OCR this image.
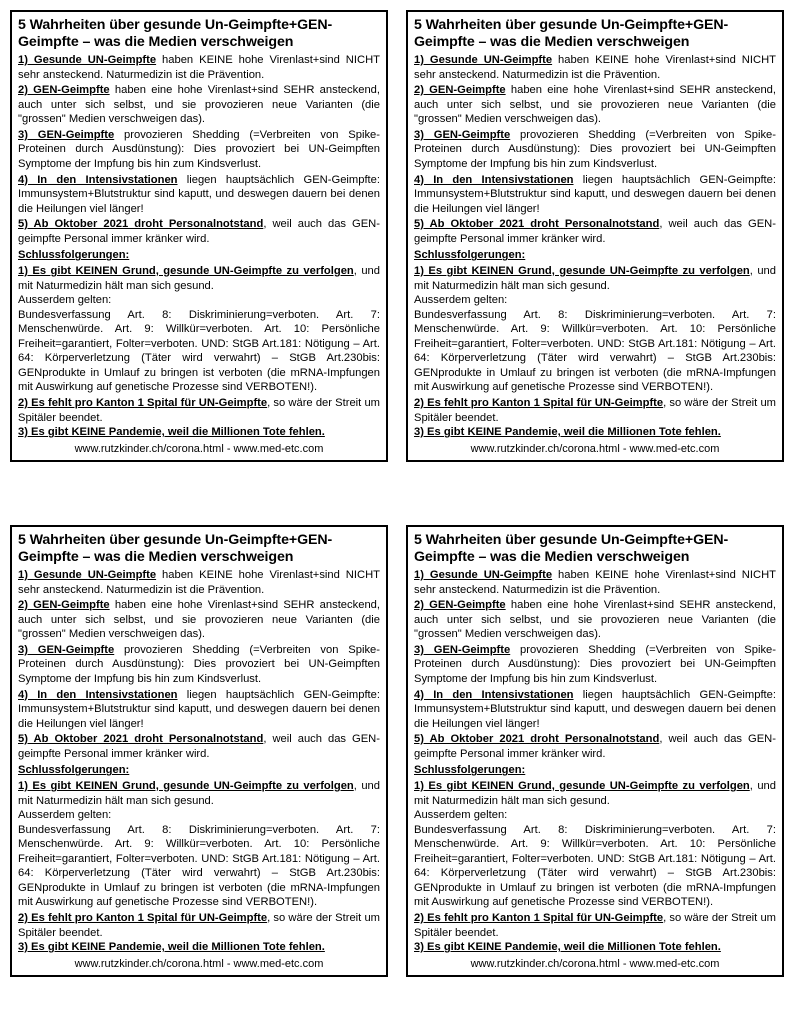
5 Wahrheiten über gesunde Un-Geimpfte+GEN-Geimpfte – was die Medien verschweigen

1) Gesunde UN-Geimpfte haben KEINE hohe Virenlast+sind NICHT sehr ansteckend. Naturmedizin ist die Prävention.

2) GEN-Geimpfte haben eine hohe Virenlast+sind SEHR ansteckend, auch unter sich selbst, und sie provozieren neue Varianten (die "grossen" Medien verschweigen das).

3) GEN-Geimpfte provozieren Shedding (=Verbreiten von Spike-Proteinen durch Ausdünstung): Dies provoziert bei UN-Geimpften Symptome der Impfung bis hin zum Kindsverlust.

4) In den Intensivstationen liegen hauptsächlich GEN-Geimpfte: Immunsystem+Blutstruktur sind kaputt, und deswegen dauern bei denen die Heilungen viel länger!

5) Ab Oktober 2021 droht Personalnotstand, weil auch das GEN-geimpfte Personal immer kränker wird.

Schlussfolgerungen:

1) Es gibt KEINEN Grund, gesunde UN-Geimpfte zu verfolgen, und mit Naturmedizin hält man sich gesund.

Ausserdem gelten:

Bundesverfassung Art. 8: Diskriminierung=verboten. Art. 7: Menschenwürde. Art. 9: Willkür=verboten. Art. 10: Persönliche Freiheit=garantiert, Folter=verboten. UND: StGB Art.181: Nötigung – Art. 64: Körperverletzung (Täter wird verwahrt) – StGB Art.230bis: GENprodukte in Umlauf zu bringen ist verboten (die mRNA-Impfungen mit Auswirkung auf genetische Prozesse sind VERBOTEN!).

2) Es fehlt pro Kanton 1 Spital für UN-Geimpfte, so wäre der Streit um Spitäler beendet.

3) Es gibt KEINE Pandemie, weil die Millionen Tote fehlen.

www.rutzkinder.ch/corona.html - www.med-etc.com

5 Wahrheiten über gesunde Un-Geimpfte+GEN-Geimpfte – was die Medien verschweigen

1) Gesunde UN-Geimpfte haben KEINE hohe Virenlast+sind NICHT sehr ansteckend. Naturmedizin ist die Prävention.

2) GEN-Geimpfte haben eine hohe Virenlast+sind SEHR ansteckend, auch unter sich selbst, und sie provozieren neue Varianten (die "grossen" Medien verschweigen das).

3) GEN-Geimpfte provozieren Shedding (=Verbreiten von Spike-Proteinen durch Ausdünstung): Dies provoziert bei UN-Geimpften Symptome der Impfung bis hin zum Kindsverlust.

4) In den Intensivstationen liegen hauptsächlich GEN-Geimpfte: Immunsystem+Blutstruktur sind kaputt, und deswegen dauern bei denen die Heilungen viel länger!

5) Ab Oktober 2021 droht Personalnotstand, weil auch das GEN-geimpfte Personal immer kränker wird.

Schlussfolgerungen:

1) Es gibt KEINEN Grund, gesunde UN-Geimpfte zu verfolgen, und mit Naturmedizin hält man sich gesund.

Ausserdem gelten:

Bundesverfassung Art. 8: Diskriminierung=verboten. Art. 7: Menschenwürde. Art. 9: Willkür=verboten. Art. 10: Persönliche Freiheit=garantiert, Folter=verboten. UND: StGB Art.181: Nötigung – Art. 64: Körperverletzung (Täter wird verwahrt) – StGB Art.230bis: GENprodukte in Umlauf zu bringen ist verboten (die mRNA-Impfungen mit Auswirkung auf genetische Prozesse sind VERBOTEN!).

2) Es fehlt pro Kanton 1 Spital für UN-Geimpfte, so wäre der Streit um Spitäler beendet.

3) Es gibt KEINE Pandemie, weil die Millionen Tote fehlen.

www.rutzkinder.ch/corona.html - www.med-etc.com

5 Wahrheiten über gesunde Un-Geimpfte+GEN-Geimpfte – was die Medien verschweigen

1) Gesunde UN-Geimpfte haben KEINE hohe Virenlast+sind NICHT sehr ansteckend. Naturmedizin ist die Prävention.

2) GEN-Geimpfte haben eine hohe Virenlast+sind SEHR ansteckend, auch unter sich selbst, und sie provozieren neue Varianten (die "grossen" Medien verschweigen das).

3) GEN-Geimpfte provozieren Shedding (=Verbreiten von Spike-Proteinen durch Ausdünstung): Dies provoziert bei UN-Geimpften Symptome der Impfung bis hin zum Kindsverlust.

4) In den Intensivstationen liegen hauptsächlich GEN-Geimpfte: Immunsystem+Blutstruktur sind kaputt, und deswegen dauern bei denen die Heilungen viel länger!

5) Ab Oktober 2021 droht Personalnotstand, weil auch das GEN-geimpfte Personal immer kränker wird.

Schlussfolgerungen:

1) Es gibt KEINEN Grund, gesunde UN-Geimpfte zu verfolgen, und mit Naturmedizin hält man sich gesund.

Ausserdem gelten:

Bundesverfassung Art. 8: Diskriminierung=verboten. Art. 7: Menschenwürde. Art. 9: Willkür=verboten. Art. 10: Persönliche Freiheit=garantiert, Folter=verboten. UND: StGB Art.181: Nötigung – Art. 64: Körperverletzung (Täter wird verwahrt) – StGB Art.230bis: GENprodukte in Umlauf zu bringen ist verboten (die mRNA-Impfungen mit Auswirkung auf genetische Prozesse sind VERBOTEN!).

2) Es fehlt pro Kanton 1 Spital für UN-Geimpfte, so wäre der Streit um Spitäler beendet.

3) Es gibt KEINE Pandemie, weil die Millionen Tote fehlen.

www.rutzkinder.ch/corona.html - www.med-etc.com

5 Wahrheiten über gesunde Un-Geimpfte+GEN-Geimpfte – was die Medien verschweigen

1) Gesunde UN-Geimpfte haben KEINE hohe Virenlast+sind NICHT sehr ansteckend. Naturmedizin ist die Prävention.

2) GEN-Geimpfte haben eine hohe Virenlast+sind SEHR ansteckend, auch unter sich selbst, und sie provozieren neue Varianten (die "grossen" Medien verschweigen das).

3) GEN-Geimpfte provozieren Shedding (=Verbreiten von Spike-Proteinen durch Ausdünstung): Dies provoziert bei UN-Geimpften Symptome der Impfung bis hin zum Kindsverlust.

4) In den Intensivstationen liegen hauptsächlich GEN-Geimpfte: Immunsystem+Blutstruktur sind kaputt, und deswegen dauern bei denen die Heilungen viel länger!

5) Ab Oktober 2021 droht Personalnotstand, weil auch das GEN-geimpfte Personal immer kränker wird.

Schlussfolgerungen:

1) Es gibt KEINEN Grund, gesunde UN-Geimpfte zu verfolgen, und mit Naturmedizin hält man sich gesund.

Ausserdem gelten:

Bundesverfassung Art. 8: Diskriminierung=verboten. Art. 7: Menschenwürde. Art. 9: Willkür=verboten. Art. 10: Persönliche Freiheit=garantiert, Folter=verboten. UND: StGB Art.181: Nötigung – Art. 64: Körperverletzung (Täter wird verwahrt) – StGB Art.230bis: GENprodukte in Umlauf zu bringen ist verboten (die mRNA-Impfungen mit Auswirkung auf genetische Prozesse sind VERBOTEN!).

2) Es fehlt pro Kanton 1 Spital für UN-Geimpfte, so wäre der Streit um Spitäler beendet.

3) Es gibt KEINE Pandemie, weil die Millionen Tote fehlen.

www.rutzkinder.ch/corona.html - www.med-etc.com
